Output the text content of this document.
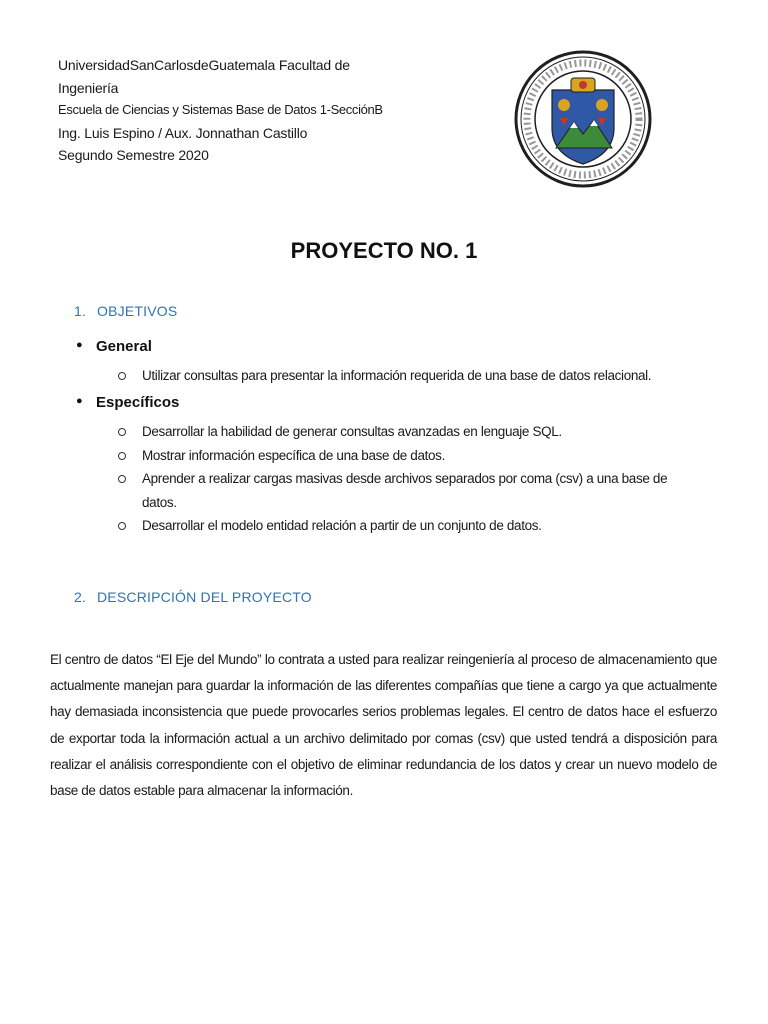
UniversidadSanCarlosdeGuatemala Facultad de
Ingeniería
Escuela de Ciencias y Sistemas Base de Datos 1-SecciónB
Ing. Luis Espino / Aux. Jonnathan Castillo
Segundo Semestre 2020
PROYECTO NO. 1
1. OBJETIVOS
● General
Utilizar consultas para presentar la información requerida de una base de datos relacional.
● Específicos
Desarrollar la habilidad de generar consultas avanzadas en lenguaje SQL.
Mostrar información específica de una base de datos.
Aprender a realizar cargas masivas desde archivos separados por coma (csv) a una base de datos.
Desarrollar el modelo entidad relación a partir de un conjunto de datos.
2. DESCRIPCIÓN DEL PROYECTO
El centro de datos “El Eje del Mundo” lo contrata a usted para realizar reingeniería al proceso de almacenamiento que actualmente manejan para guardar la información de las diferentes compañías que tiene a cargo ya que actualmente hay demasiada inconsistencia que puede provocarles serios problemas legales. El centro de datos hace el esfuerzo de exportar toda la información actual a un archivo delimitado por comas (csv) que usted tendrá a disposición para realizar el análisis correspondiente con el objetivo de eliminar redundancia de los datos y crear un nuevo modelo de base de datos estable para almacenar la información.
